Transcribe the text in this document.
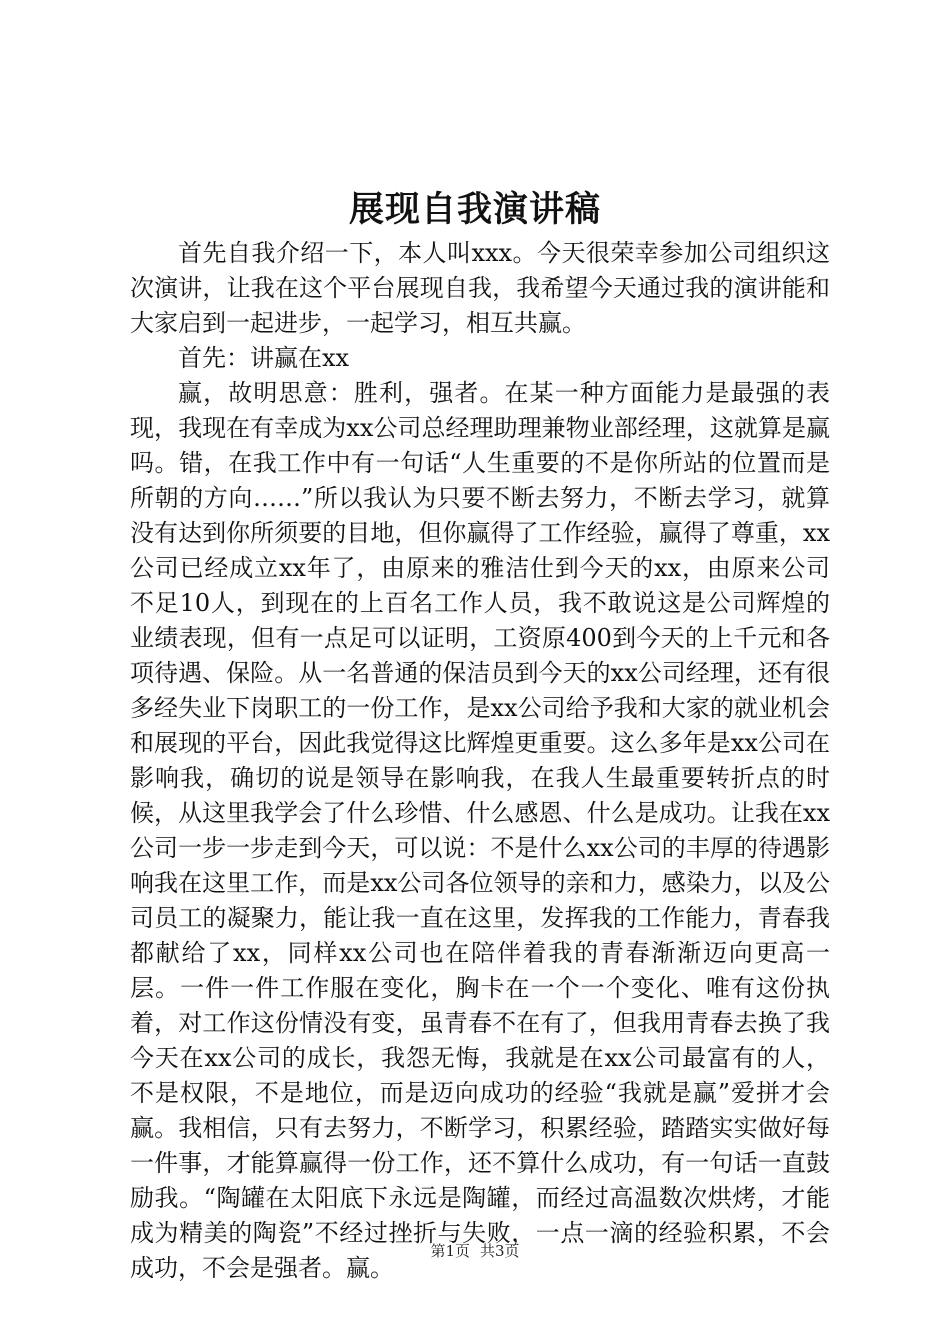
展现自我演讲稿

首先自我介绍一下，本人叫xxx。今天很荣幸参加公司组织这次演讲，让我在这个平台展现自我，我希望今天通过我的演讲能和大家启到一起进步，一起学习，相互共赢。

首先：讲赢在xx

赢，故明思意：胜利，强者。在某一种方面能力是最强的表现，我现在有幸成为xx公司总经理助理兼物业部经理，这就算是赢吗。错，在我工作中有一句话“人生重要的不是你所站的位置而是所朝的方向……”所以我认为只要不断去努力，不断去学习，就算没有达到你所须要的目地，但你赢得了工作经验，赢得了尊重，xx公司已经成立xx年了，由原来的雅洁仕到今天的xx，由原来公司不足10人，到现在的上百名工作人员，我不敢说这是公司辉煌的业绩表现，但有一点足可以证明，工资原400到今天的上千元和各项待遇、保险。从一名普通的保洁员到今天的xx公司经理，还有很多经失业下岗职工的一份工作，是xx公司给予我和大家的就业机会和展现的平台，因此我觉得这比辉煌更重要。这么多年是xx公司在影响我，确切的说是领导在影响我，在我人生最重要转折点的时候，从这里我学会了什么珍惜、什么感恩、什么是成功。让我在xx公司一步一步走到今天，可以说：不是什么xx公司的丰厚的待遇影响我在这里工作，而是xx公司各位领导的亲和力，感染力，以及公司员工的凝聚力，能让我一直在这里，发挥我的工作能力，青春我都献给了xx，同样xx公司也在陪伴着我的青春渐渐迈向更高一层。一件一件工作服在变化，胸卡在一个一个变化、唯有这份执着，对工作这份情没有变，虽青春不在有了，但我用青春去换了我今天在xx公司的成长，我怨无悔，我就是在xx公司最富有的人，不是权限，不是地位，而是迈向成功的经验“我就是赢”爱拼才会赢。我相信，只有去努力，不断学习，积累经验，踏踏实实做好每一件事，才能算赢得一份工作，还不算什么成功，有一句话一直鼓励我。“陶罐在太阳底下永远是陶罐，而经过高温数次烘烤，才能成为精美的陶瓷”不经过挫折与失败，一点一滴的经验积累，不会成功，不会是强者。赢。

第1页 共3页
